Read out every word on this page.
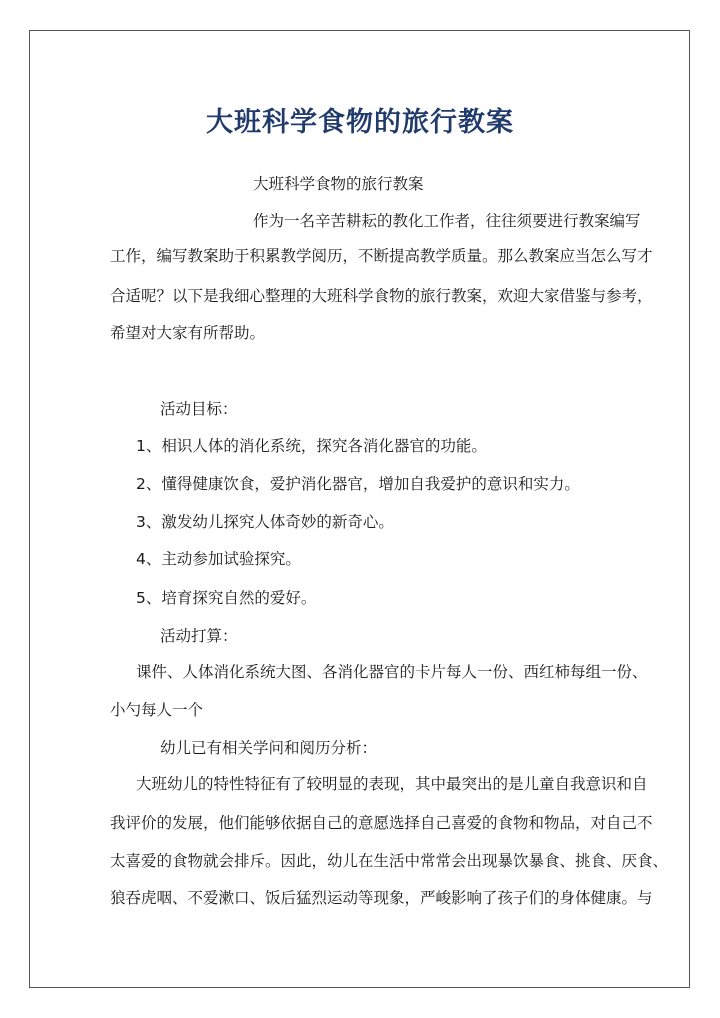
大班科学食物的旅行教案
大班科学食物的旅行教案
作为一名辛苦耕耘的教化工作者，往往须要进行教案编写
工作，编写教案助于积累教学阅历，不断提高教学质量。那么教案应当怎么写才
合适呢？以下是我细心整理的大班科学食物的旅行教案，欢迎大家借鉴与参考，
希望对大家有所帮助。
活动目标：
1、相识人体的消化系统，探究各消化器官的功能。
2、懂得健康饮食，爱护消化器官，增加自我爱护的意识和实力。
3、激发幼儿探究人体奇妙的新奇心。
4、主动参加试验探究。
5、培育探究自然的爱好。
活动打算：
课件、人体消化系统大图、各消化器官的卡片每人一份、西红柿每组一份、
小勺每人一个
幼儿已有相关学问和阅历分析：
大班幼儿的特性特征有了较明显的表现，其中最突出的是儿童自我意识和自
我评价的发展，他们能够依据自己的意愿选择自己喜爱的食物和物品，对自己不
太喜爱的食物就会排斥。因此，幼儿在生活中常常会出现暴饮暴食、挑食、厌食、
狼吞虎咽、不爱漱口、饭后猛烈运动等现象，严峻影响了孩子们的身体健康。与
